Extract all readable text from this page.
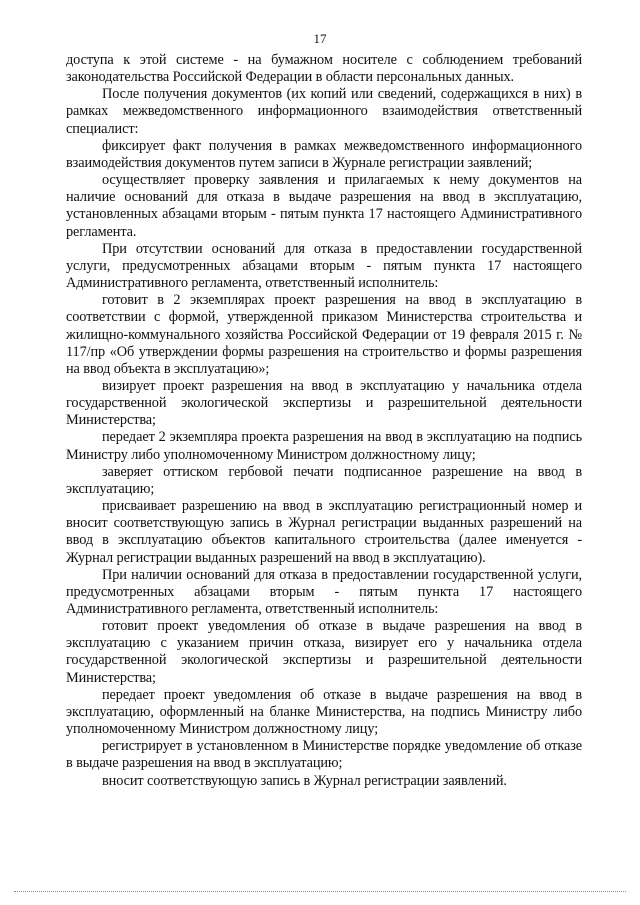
17

доступа к этой системе - на бумажном носителе с соблюдением требований законодательства Российской Федерации в области персональных данных.

После получения документов (их копий или сведений, содержащихся в них) в рамках межведомственного информационного взаимодействия ответственный специалист:

фиксирует факт получения в рамках межведомственного информационного взаимодействия документов путем записи в Журнале регистрации заявлений;

осуществляет проверку заявления и прилагаемых к нему документов на наличие оснований для отказа в выдаче разрешения на ввод в эксплуатацию, установленных абзацами вторым - пятым пункта 17 настоящего Административного регламента.

При отсутствии оснований для отказа в предоставлении государственной услуги, предусмотренных абзацами вторым - пятым пункта 17 настоящего Административного регламента, ответственный исполнитель:

готовит в 2 экземплярах проект разрешения на ввод в эксплуатацию в соответствии с формой, утвержденной приказом Министерства строительства и жилищно-коммунального хозяйства Российской Федерации от 19 февраля 2015 г. № 117/пр «Об утверждении формы разрешения на строительство и формы разрешения на ввод объекта в эксплуатацию»;

визирует проект разрешения на ввод в эксплуатацию у начальника отдела государственной экологической экспертизы и разрешительной деятельности Министерства;

передает 2 экземпляра проекта разрешения на ввод в эксплуатацию на подпись Министру либо уполномоченному Министром должностному лицу;

заверяет оттиском гербовой печати подписанное разрешение на ввод в эксплуатацию;

присваивает разрешению на ввод в эксплуатацию регистрационный номер и вносит соответствующую запись в Журнал регистрации выданных разрешений на ввод в эксплуатацию объектов капитального строительства (далее именуется - Журнал регистрации выданных разрешений на ввод в эксплуатацию).

При наличии оснований для отказа в предоставлении государственной услуги, предусмотренных абзацами вторым - пятым пункта 17 настоящего Административного регламента, ответственный исполнитель:

готовит проект уведомления об отказе в выдаче разрешения на ввод в эксплуатацию с указанием причин отказа, визирует его у начальника отдела государственной экологической экспертизы и разрешительной деятельности Министерства;

передает проект уведомления об отказе в выдаче разрешения на ввод в эксплуатацию, оформленный на бланке Министерства, на подпись Министру либо уполномоченному Министром должностному лицу;

регистрирует в установленном в Министерстве порядке уведомление об отказе в выдаче разрешения на ввод в эксплуатацию;

вносит соответствующую запись в Журнал регистрации заявлений.
